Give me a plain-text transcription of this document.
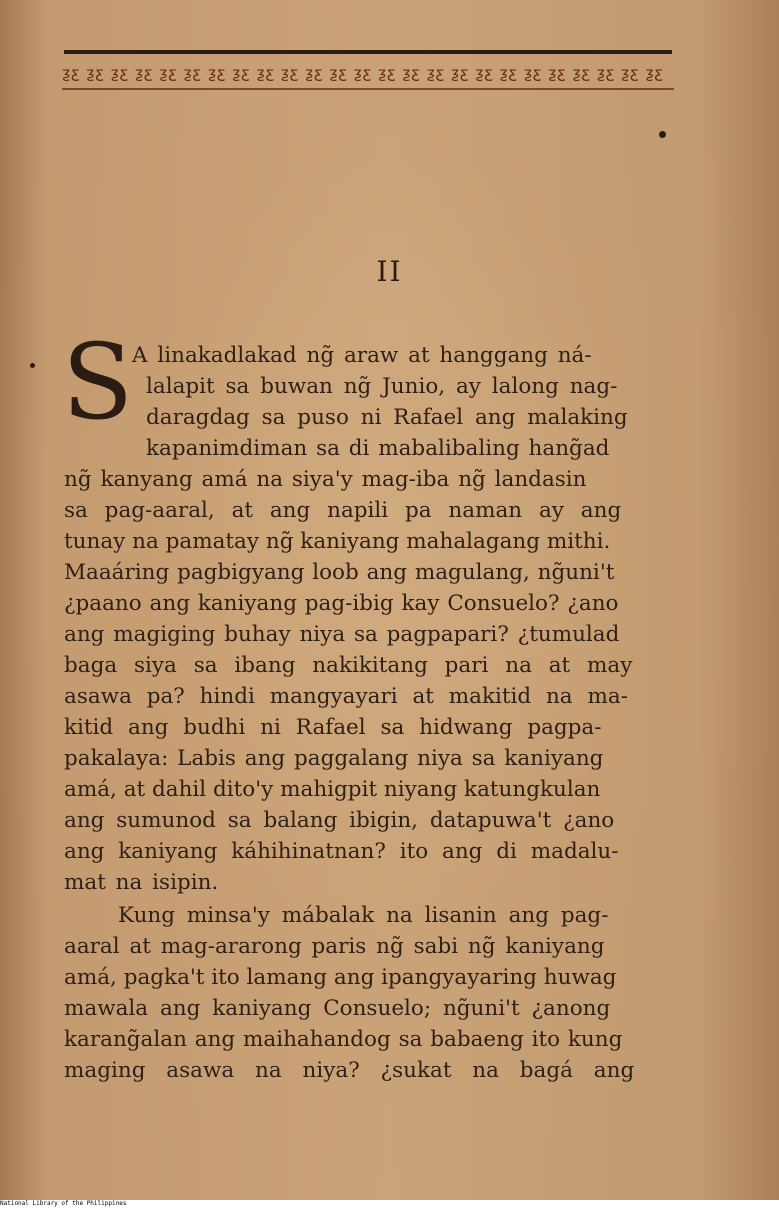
ƺƹ ƺƹ ƺƹ ƺƹ ƺƹ ƺƹ ƺƹ ƺƹ ƺƹ ƺƹ ƺƹ ƺƹ ƺƹ ƺƹ ƺƹ ƺƹ ƺƹ ƺƹ ƺƹ ƺƹ ƺƹ ƺƹ ƺƹ ƺƹ ƺƹ
II
S
A linakadlakad ng̃ araw at hanggang ná-
lalapit sa buwan ng̃ Junio, ay lalong nag-
daragdag sa puso ni Rafael ang malaking
kapanimdiman sa di mabalibaling hang̃ad
ng̃ kanyang amá na siya'y mag-iba ng̃ landasin
sa pag-aaral, at ang napili pa naman ay ang
tunay na pamatay ng̃ kaniyang mahalagang mithi.
Maaáring pagbigyang loob ang magulang, ng̃uni't
¿paano ang kaniyang pag-ibig kay Consuelo? ¿ano
ang magiging buhay niya sa pagpapari? ¿tumulad
baga siya sa ibang nakikitang pari na at may
asawa pa? hindi mangyayari at makitid na ma-
kitid ang budhi ni Rafael sa hidwang pagpa-
pakalaya: Labis ang paggalang niya sa kaniyang
amá, at dahil dito'y mahigpit niyang katungkulan
ang sumunod sa balang ibigin, datapuwa't ¿ano
ang kaniyang káhihinatnan? ito ang di madalu-
mat na isipin.
Kung minsa'y mábalak na lisanin ang pag-
aaral at mag-ararong paris ng̃ sabi ng̃ kaniyang
amá, pagka't ito lamang ang ipangyayaring huwag
mawala ang kaniyang Consuelo; ng̃uni't ¿anong
karang̃alan ang maihahandog sa babaeng ito kung
maging asawa na niya? ¿sukat na bagá ang
National Library of the Philippines
